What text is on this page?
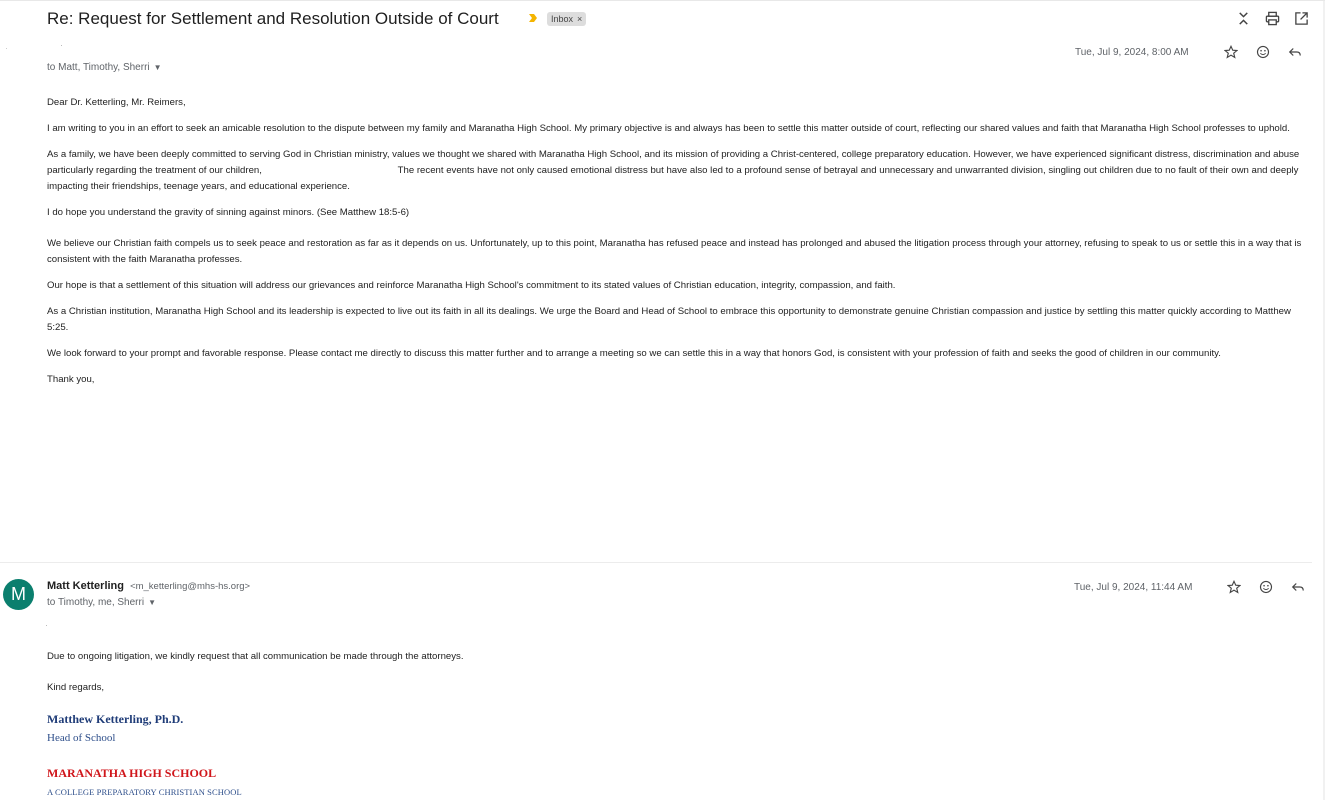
Re: Request for Settlement and Resolution Outside of Court	Inbox ×
to Matt, Timothy, Sherri ▼
Tue, Jul 9, 2024, 8:00 AM

Dear Dr. Ketterling, Mr. Reimers,

I am writing to you in an effort to seek an amicable resolution to the dispute between my family and Maranatha High School. My primary objective is and always has been to settle this matter outside of court, reflecting our shared values and faith that Maranatha High School professes to uphold.

As a family, we have been deeply committed to serving God in Christian ministry, values we thought we shared with Maranatha High School, and its mission of providing a Christ-centered, college preparatory education. However, we have experienced significant distress, discrimination and abuse particularly regarding the treatment of our children,                                                   The recent events have not only caused emotional distress but have also led to a profound sense of betrayal and unnecessary and unwarranted division, singling out children due to no fault of their own and deeply impacting their friendships, teenage years, and educational experience.

I do hope you understand the gravity of sinning against minors. (See Matthew 18:5-6)

We believe our Christian faith compels us to seek peace and restoration as far as it depends on us. Unfortunately, up to this point, Maranatha has refused peace and instead has prolonged and abused the litigation process through your attorney, refusing to speak to us or settle this in a way that is consistent with the faith Maranatha professes.

Our hope is that a settlement of this situation will address our grievances and reinforce Maranatha High School's commitment to its stated values of Christian education, integrity, compassion, and faith.

As a Christian institution, Maranatha High School and its leadership is expected to live out its faith in all its dealings. We urge the Board and Head of School to embrace this opportunity to demonstrate genuine Christian compassion and justice by settling this matter quickly according to Matthew 5:25.

We look forward to your prompt and favorable response. Please contact me directly to discuss this matter further and to arrange a meeting so we can settle this in a way that honors God, is consistent with your profession of faith and seeks the good of children in our community.

Thank you,

M	Matt Ketterling <m_ketterling@mhs-hs.org>
to Timothy, me, Sherri ▼
Tue, Jul 9, 2024, 11:44 AM

Due to ongoing litigation, we kindly request that all communication be made through the attorneys.

Kind regards,

Matthew Ketterling, Ph.D.
Head of School
MARANATHA HIGH SCHOOL
A COLLEGE PREPARATORY CHRISTIAN SCHOOL
